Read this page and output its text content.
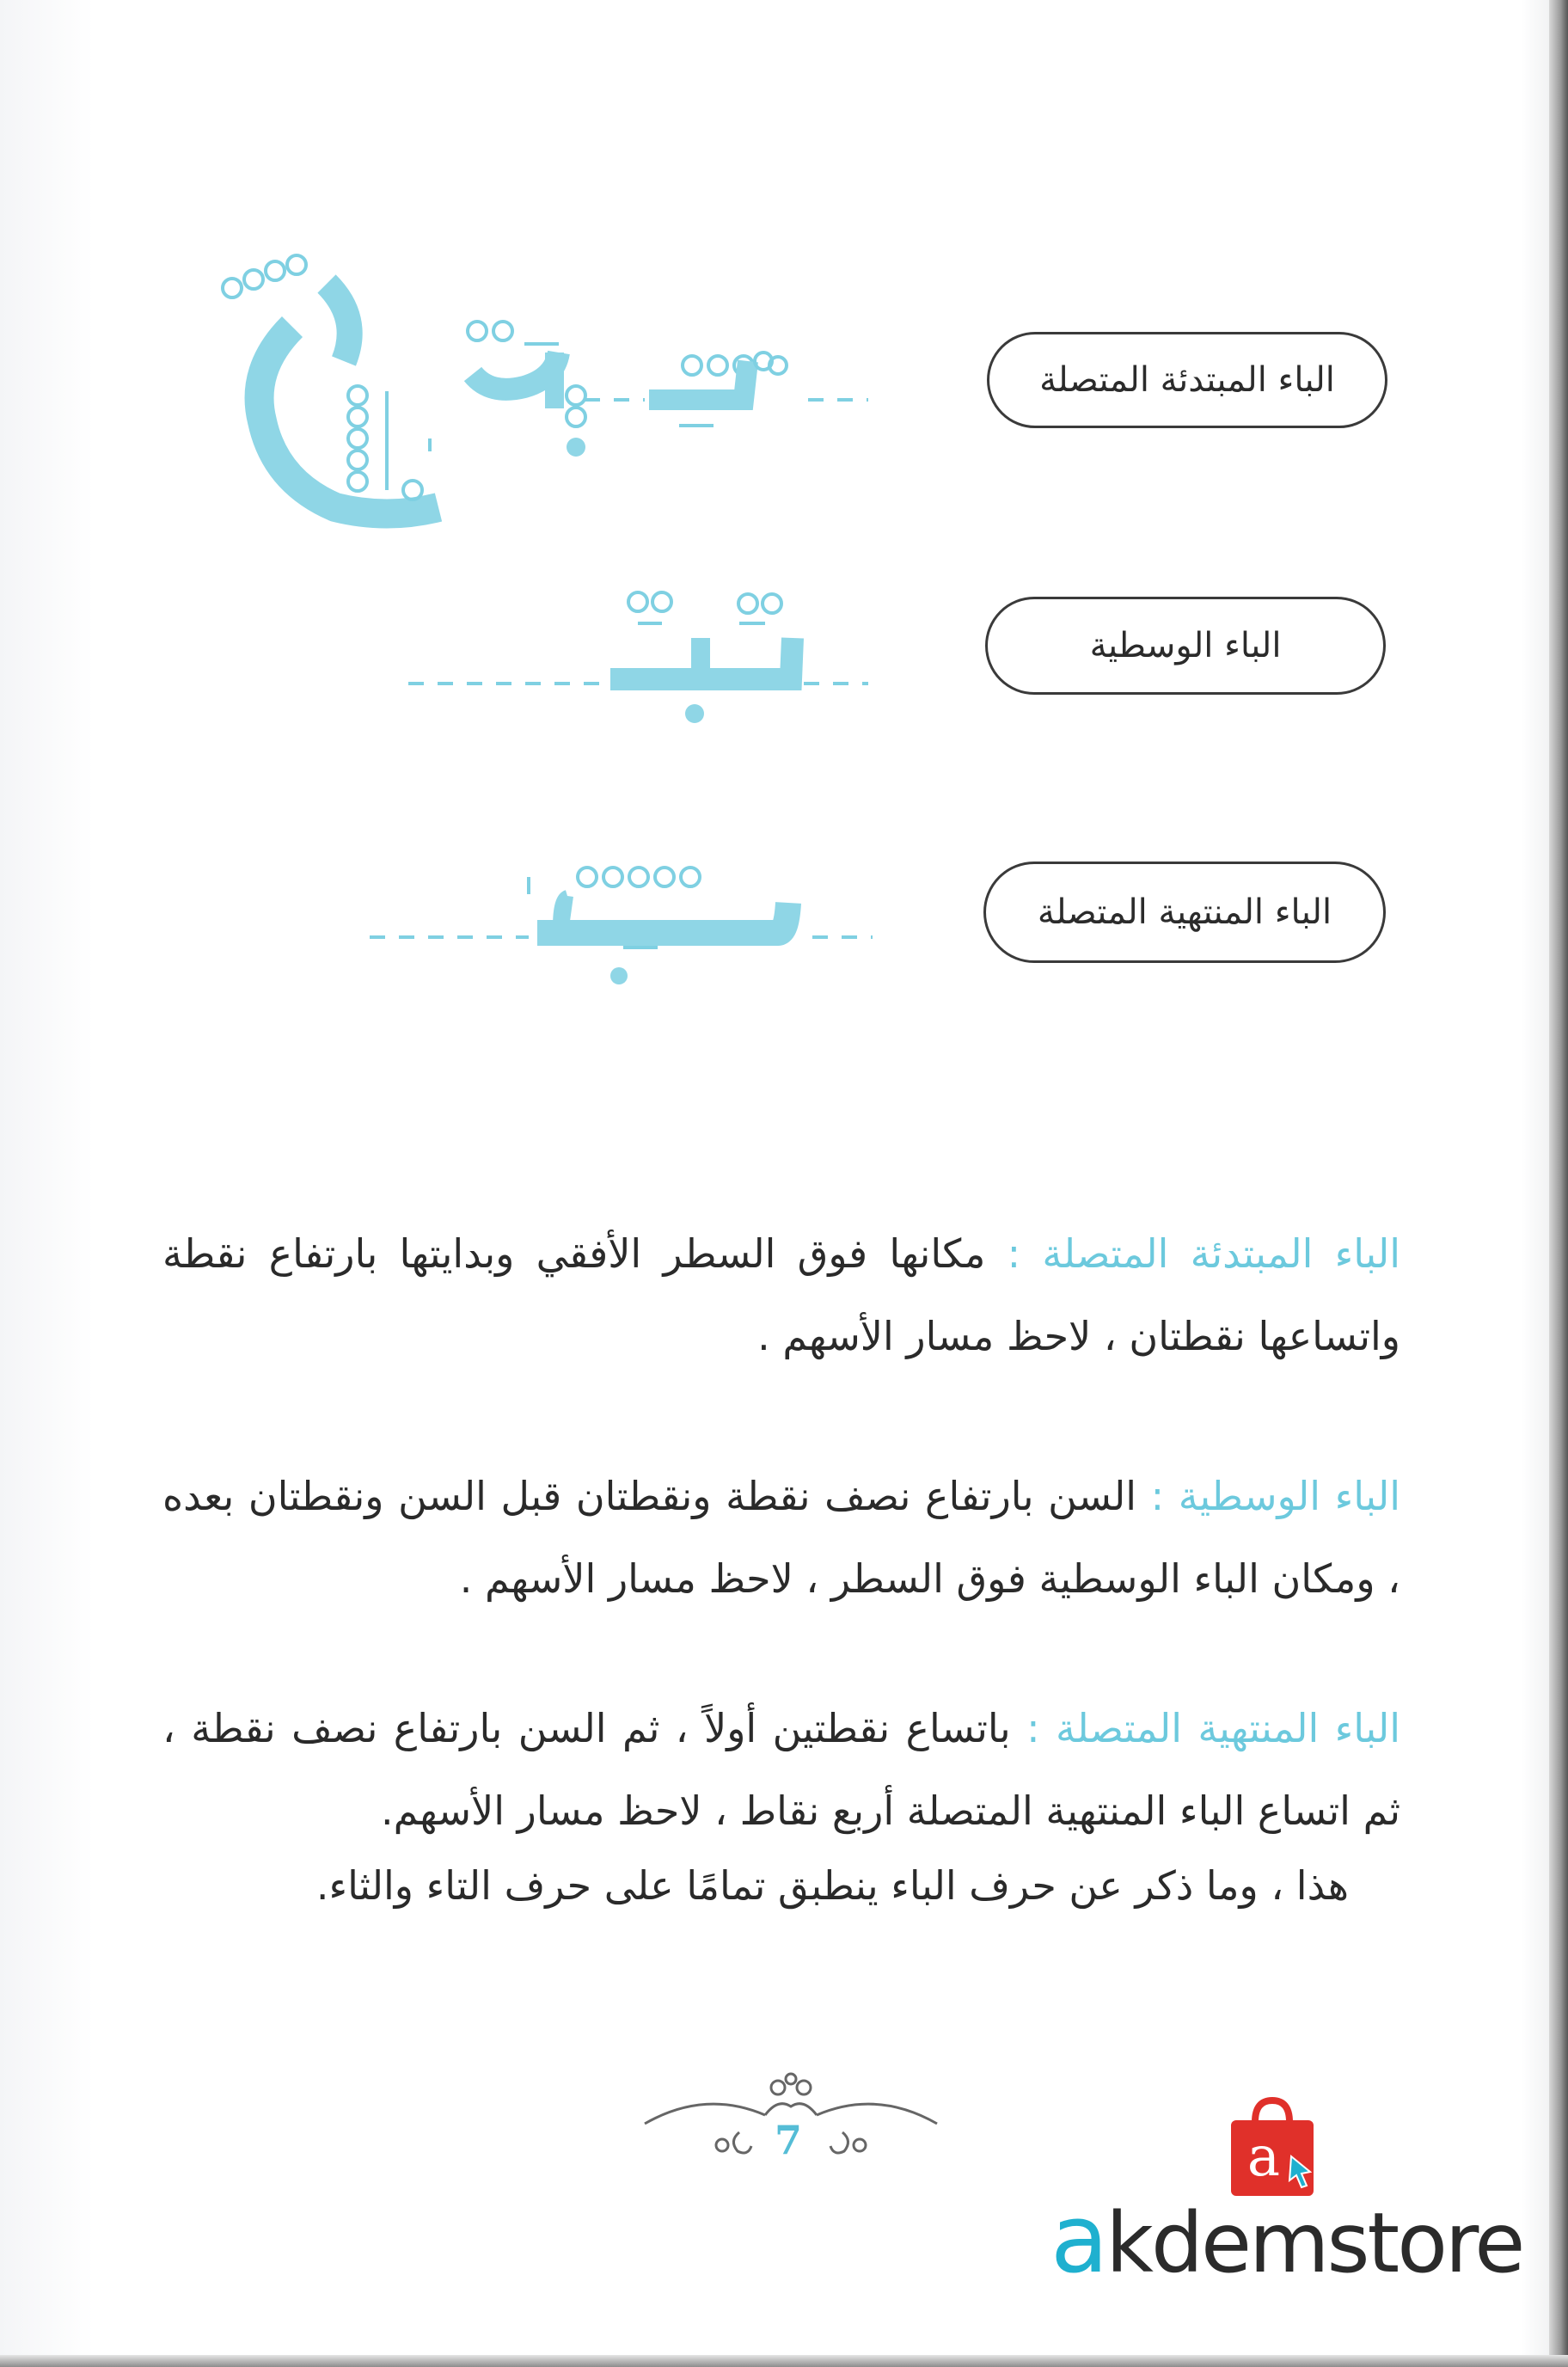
الباء المبتدئة المتصلة
الباء الوسطية
الباء المنتهية المتصلة
الباء المبتدئة المتصلة : مكانها فوق السطر الأفقي وبدايتها بارتفاع نقطة واتساعها نقطتان ، لاحظ مسار الأسهم .
الباء الوسطية : السن بارتفاع نصف نقطة ونقطتان قبل السن ونقطتان بعده ، ومكان الباء الوسطية فوق السطر ، لاحظ مسار الأسهم .
الباء المنتهية المتصلة : باتساع نقطتين أولاً ، ثم السن بارتفاع نصف نقطة ، ثم اتساع الباء المنتهية المتصلة أربع نقاط ، لاحظ مسار الأسهم.
هذا ، وما ذكر عن حرف الباء ينطبق تمامًا على حرف التاء والثاء.
7	a
akdemstore
